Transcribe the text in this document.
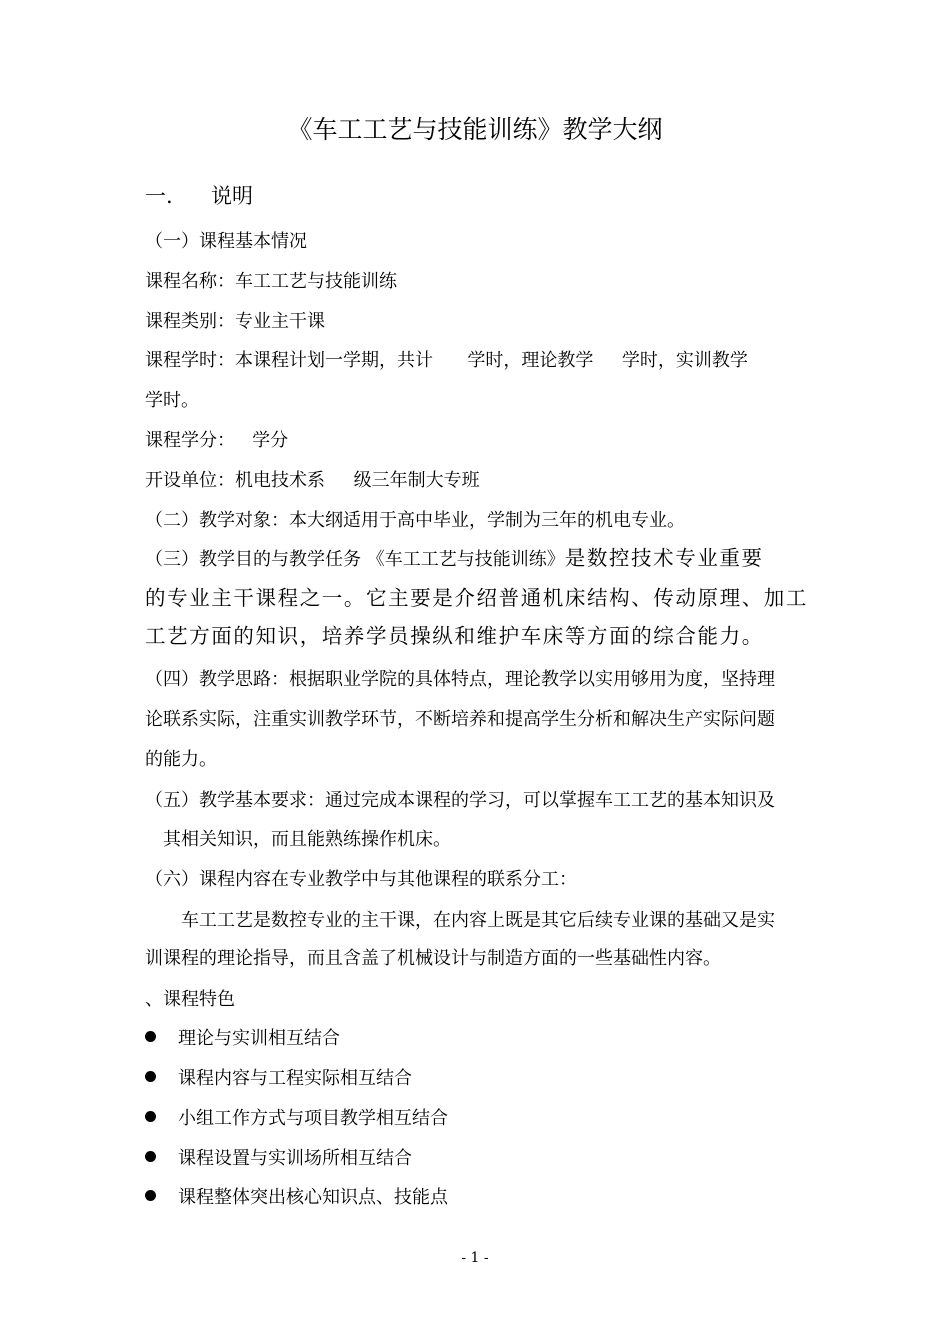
《车工工艺与技能训练》教学大纲
一. 说明
（一）课程基本情况
课程名称：车工工艺与技能训练
课程类别：专业主干课
课程学时：本课程计划一学期，共计      学时，理论教学     学时，实训教学
学时。
课程学分：   学分
开设单位：机电技术系     级三年制大专班
（二）教学对象：本大纲适用于高中毕业，学制为三年的机电专业。
（三）教学目的与教学任务 《车工工艺与技能训练》是数控技术专业重要
的专业主干课程之一。它主要是介绍普通机床结构、传动原理、加工
工艺方面的知识，培养学员操纵和维护车床等方面的综合能力。
（四）教学思路：根据职业学院的具体特点，理论教学以实用够用为度，坚持理
论联系实际，注重实训教学环节，不断培养和提高学生分析和解决生产实际问题
的能力。
（五）教学基本要求：通过完成本课程的学习，可以掌握车工工艺的基本知识及
其相关知识，而且能熟练操作机床。
（六）课程内容在专业教学中与其他课程的联系分工：
车工工艺是数控专业的主干课，在内容上既是其它后续专业课的基础又是实
训课程的理论指导，而且含盖了机械设计与制造方面的一些基础性内容。
、课程特色
理论与实训相互结合
课程内容与工程实际相互结合
小组工作方式与项目教学相互结合
课程设置与实训场所相互结合
课程整体突出核心知识点、技能点
- 1 -
